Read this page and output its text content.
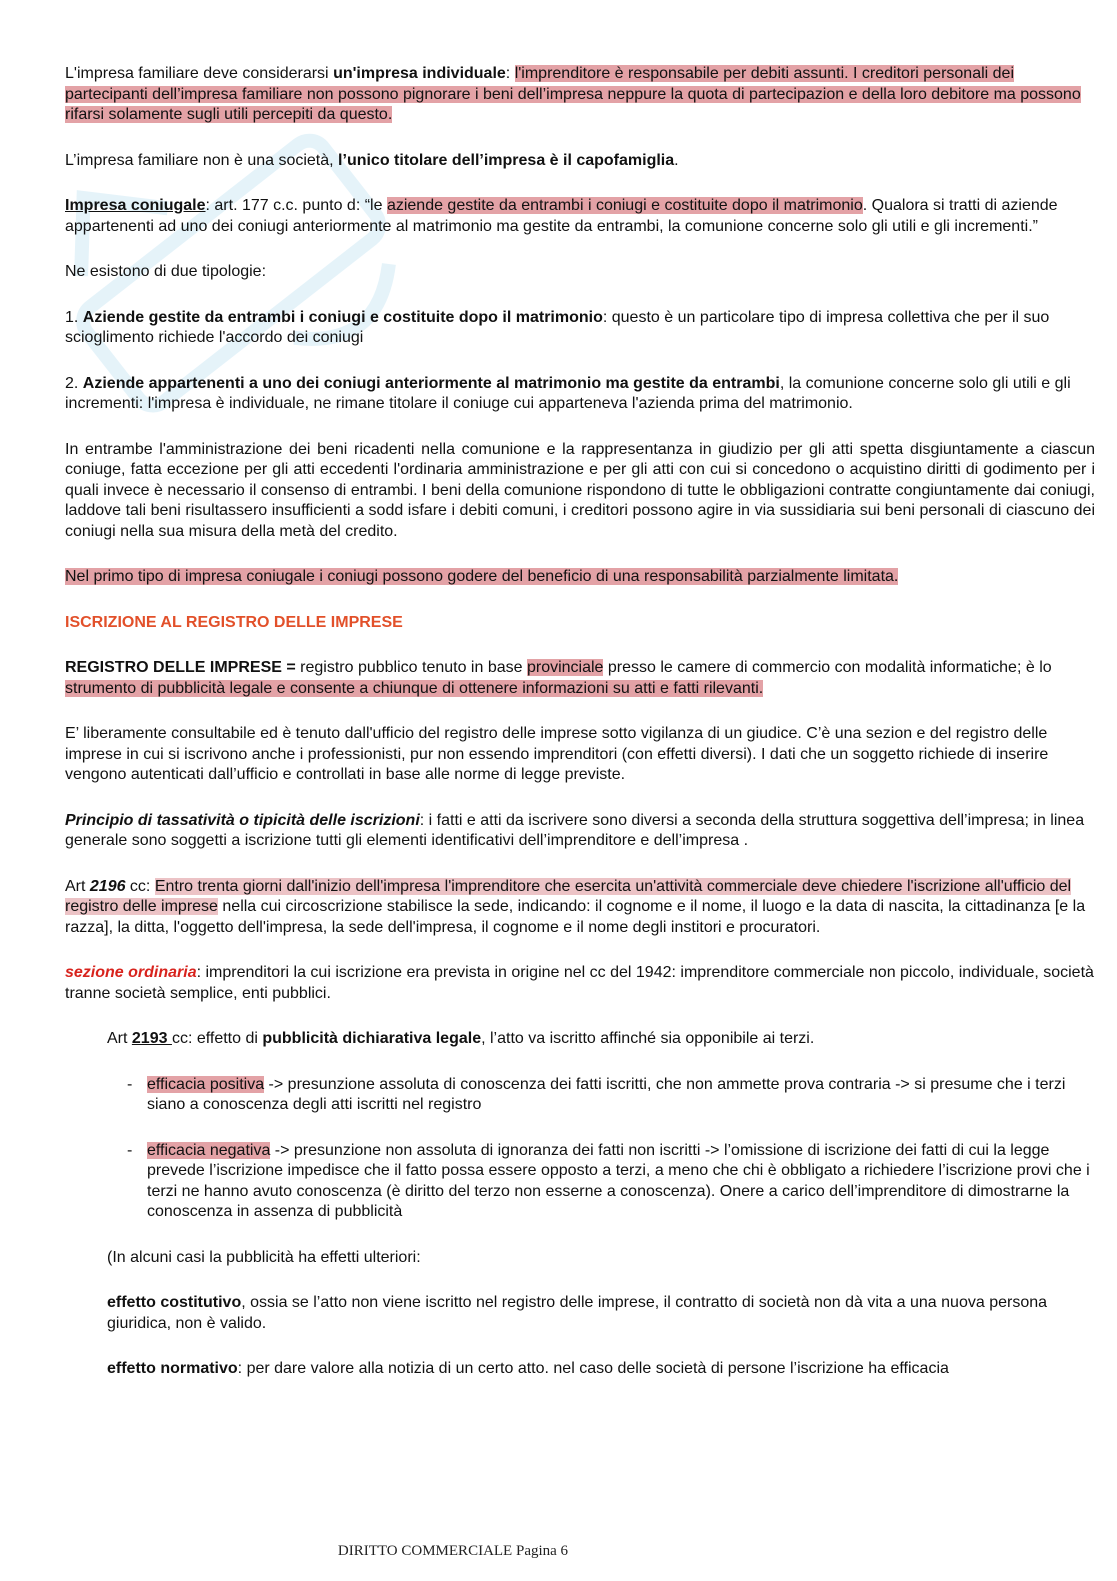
L'impresa familiare deve considerarsi un'impresa individuale: l'imprenditore è responsabile per debiti assunti. I creditori personali dei partecipanti dell’impresa familiare non possono pignorare i beni dell’impresa neppure la quota di partecipazion e della loro debitore ma possono rifarsi solamente sugli utili percepiti da questo.

L’impresa familiare non è una società, l’unico titolare dell’impresa è il capofamiglia.

Impresa coniugale: art. 177 c.c. punto d: “le aziende gestite da entrambi i coniugi e costituite dopo il matrimonio. Qualora si tratti di aziende appartenenti ad uno dei coniugi anteriormente al matrimonio ma gestite da entrambi, la comunione concerne solo gli utili e gli incrementi.”

Ne esistono di due tipologie:

1. Aziende gestite da entrambi i coniugi e costituite dopo il matrimonio: questo è un particolare tipo di impresa collettiva che per il suo scioglimento richiede l'accordo dei coniugi

2. Aziende appartenenti a uno dei coniugi anteriormente al matrimonio ma gestite da entrambi, la comunione concerne solo gli utili e gli incrementi: l'impresa è individuale, ne rimane titolare il coniuge cui apparteneva l'azienda prima del matrimonio.

In entrambe l'amministrazione dei beni ricadenti nella comunione e la rappresentanza in giudizio per gli atti spetta disgiuntamente a ciascun coniuge, fatta eccezione per gli atti eccedenti l'ordinaria amministrazione e per gli atti con cui si concedono o acquistino diritti di godimento per i quali invece è necessario il consenso di entrambi. I beni della comunione rispondono di tutte le obbligazioni contratte congiuntamente dai coniugi, laddove tali beni risultassero insufficienti a sodd isfare i debiti comuni, i creditori possono agire in via sussidiaria sui beni personali di ciascuno dei coniugi nella sua misura della metà del credito.

Nel primo tipo di impresa coniugale i coniugi possono godere del beneficio di una responsabilità parzialmente limitata.

ISCRIZIONE AL REGISTRO DELLE IMPRESE

REGISTRO DELLE IMPRESE = registro pubblico tenuto in base provinciale presso le camere di commercio con modalità informatiche; è lo strumento di pubblicità legale e consente a chiunque di ottenere informazioni su atti e fatti rilevanti.

E’ liberamente consultabile ed è tenuto dall'ufficio del registro delle imprese sotto vigilanza di un giudice. C’è una sezion e del registro delle imprese in cui si iscrivono anche i professionisti, pur non essendo imprenditori (con effetti diversi). I dati che un soggetto richiede di inserire vengono autenticati dall’ufficio e controllati in base alle norme di legge previste.

Principio di tassatività o tipicità delle iscrizioni: i fatti e atti da iscrivere sono diversi a seconda della struttura soggettiva dell’impresa; in linea generale sono soggetti a iscrizione tutti gli elementi identificativi dell’imprenditore e dell’impresa .

Art 2196 cc: Entro trenta giorni dall'inizio dell'impresa l'imprenditore che esercita un'attività commerciale deve chiedere l'iscrizione all'ufficio del registro delle imprese nella cui circoscrizione stabilisce la sede, indicando: il cognome e il nome, il luogo e la data di nascita, la cittadinanza [e la razza], la ditta, l'oggetto dell'impresa, la sede dell'impresa, il cognome e il nome degli institori e procuratori.

sezione ordinaria: imprenditori la cui iscrizione era prevista in origine nel cc del 1942: imprenditore commerciale non piccolo, individuale, società tranne società semplice, enti pubblici.

Art 2193 cc: effetto di pubblicità dichiarativa legale, l’atto va iscritto affinché sia opponibile ai terzi.

- efficacia positiva -> presunzione assoluta di conoscenza dei fatti iscritti, che non ammette prova contraria -> si presume che i terzi siano a conoscenza degli atti iscritti nel registro
- efficacia negativa -> presunzione non assoluta di ignoranza dei fatti non iscritti -> l’omissione di iscrizione dei fatti di cui la legge prevede l’iscrizione impedisce che il fatto possa essere opposto a terzi, a meno che chi è obbligato a richiedere l’iscrizione provi che i terzi ne hanno avuto conoscenza (è diritto del terzo non esserne a conoscenza). Onere a carico dell’imprenditore di dimostrarne la conoscenza in assenza di pubblicità

(In alcuni casi la pubblicità ha effetti ulteriori:

effetto costitutivo, ossia se l’atto non viene iscritto nel registro delle imprese, il contratto di società non dà vita a una nuova persona giuridica, non è valido.

effetto normativo: per dare valore alla notizia di un certo atto. nel caso delle società di persone l’iscrizione ha efficacia

DIRITTO COMMERCIALE Pagina 6
